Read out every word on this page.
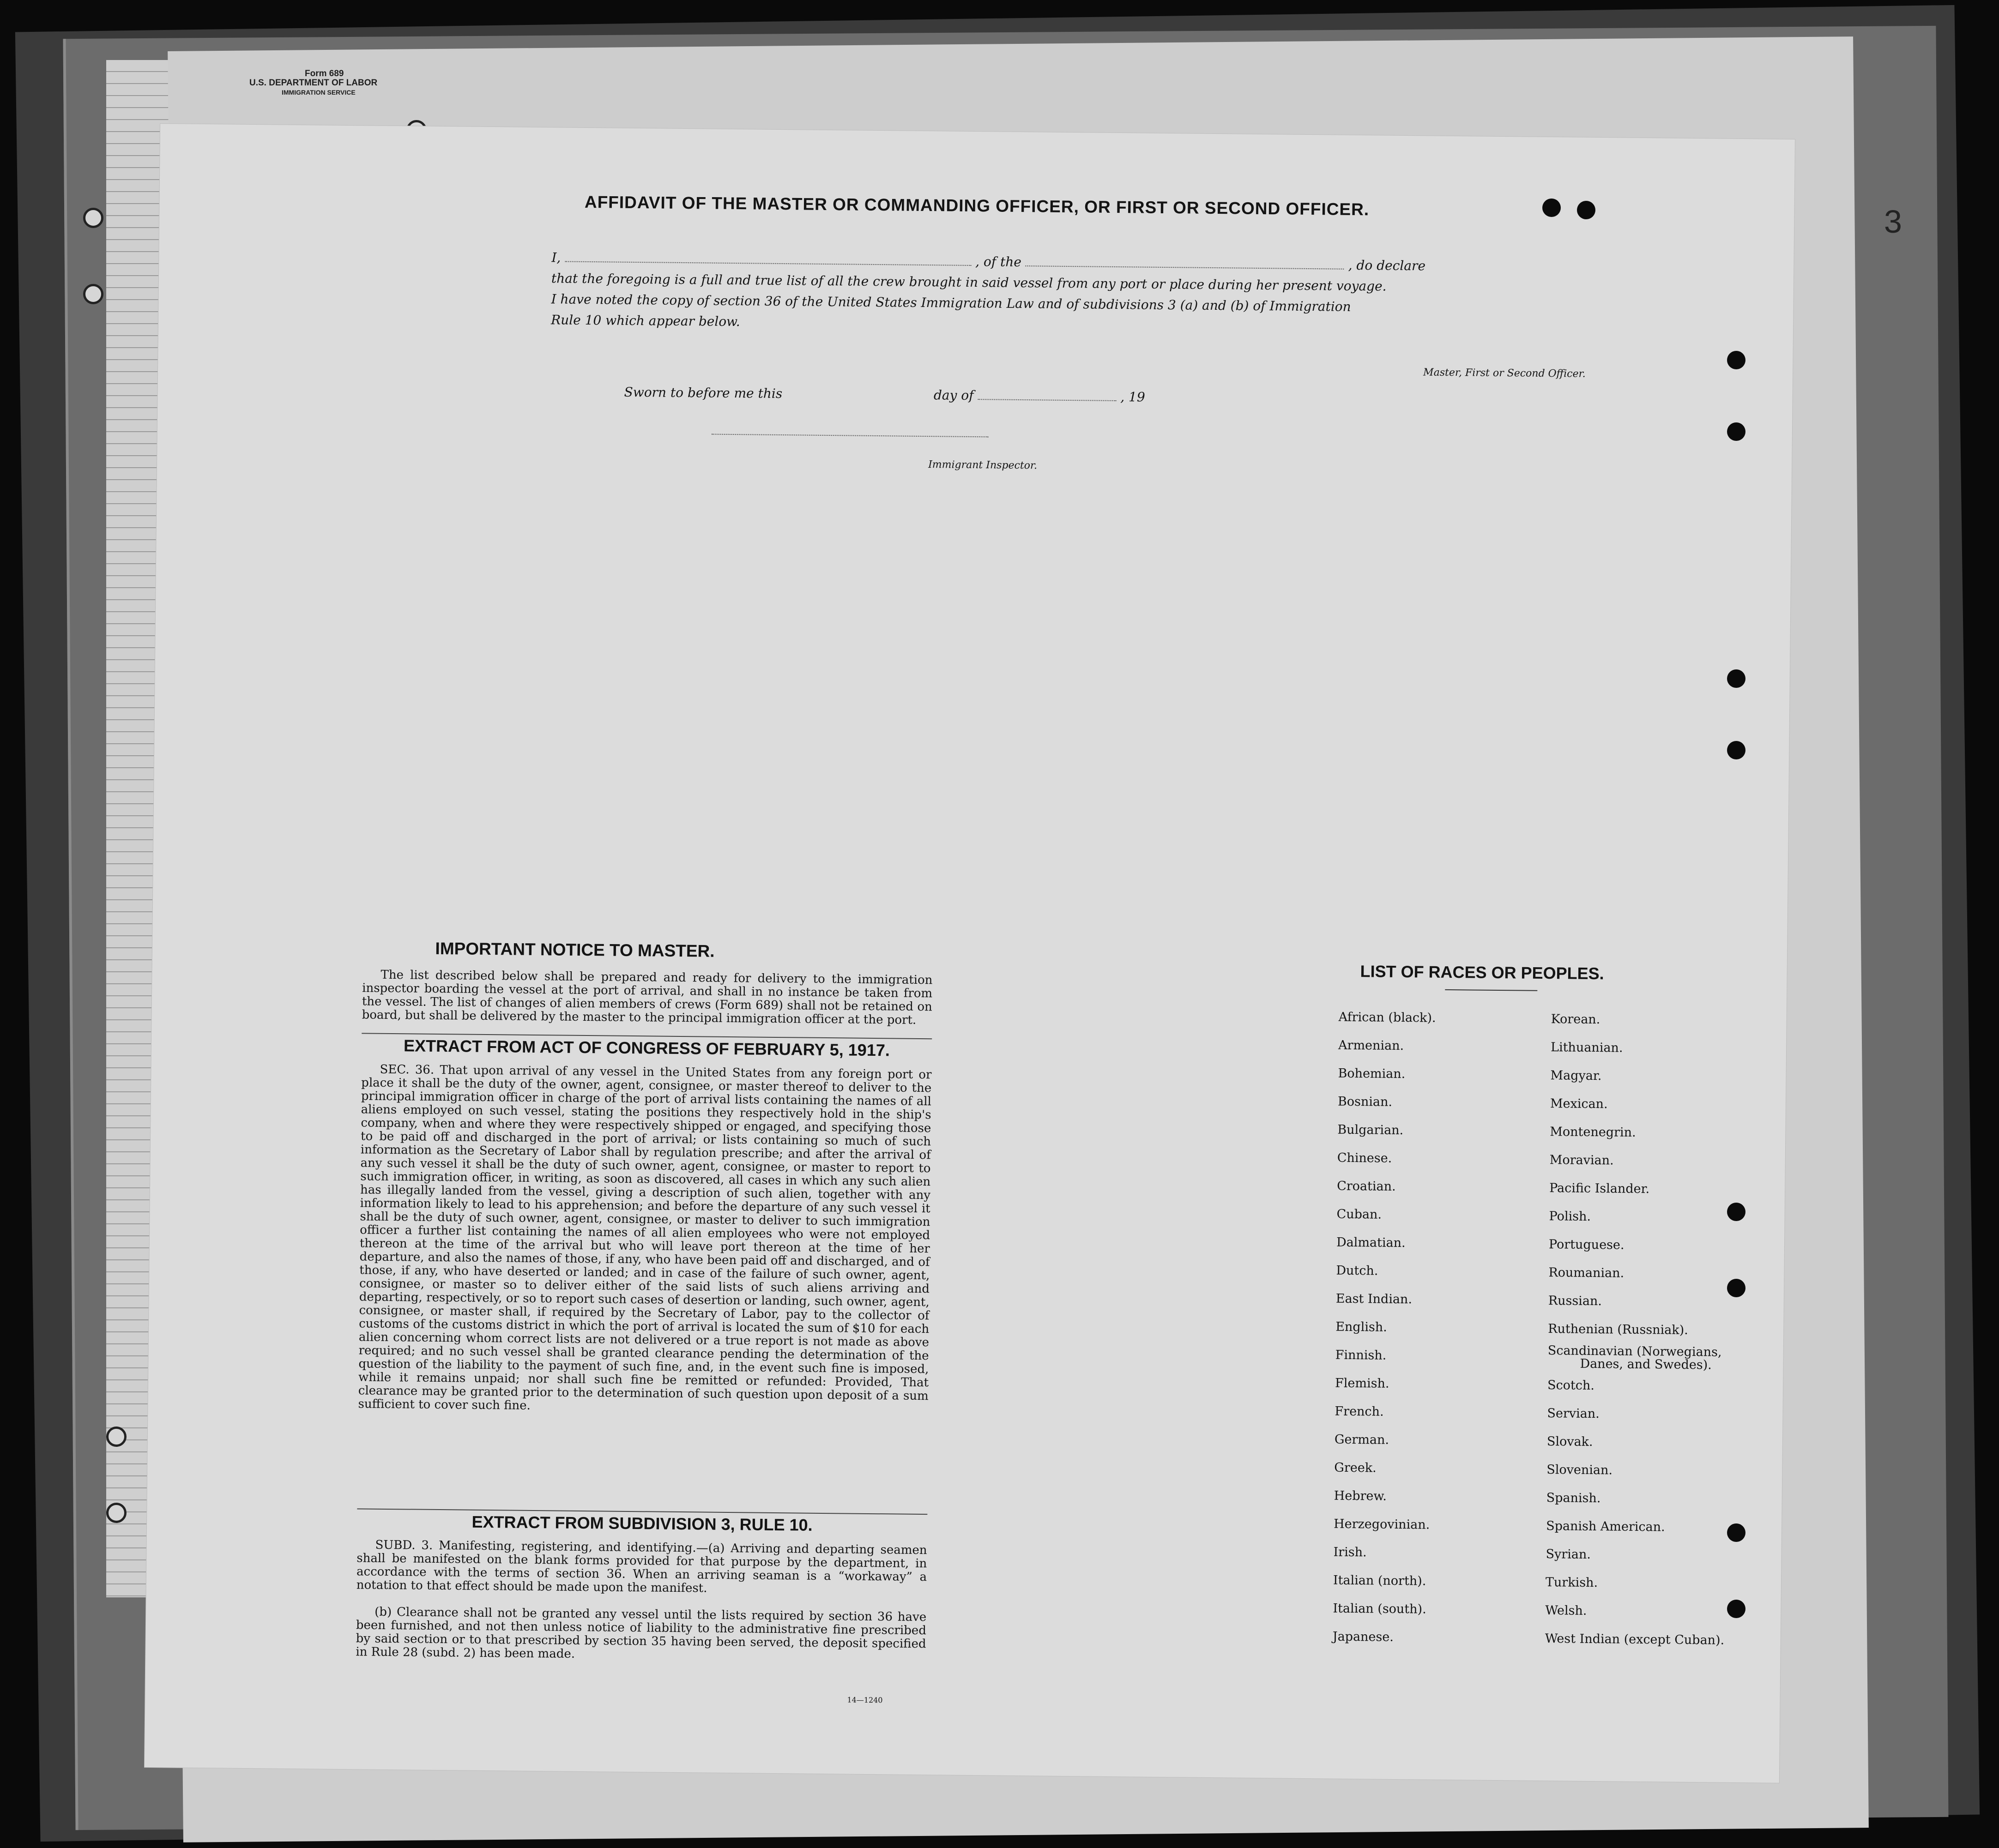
Form 689
U.S. DEPARTMENT OF LABOR
IMMIGRATION SERVICE
3
AFFIDAVIT OF THE MASTER OR COMMANDING OFFICER, OR FIRST OR SECOND OFFICER.
I,	, of the	, do declare
that the foregoing is a full and true list of all the crew brought in said vessel from any port or place during her present voyage.
I have noted the copy of section 36 of the United States Immigration Law and of subdivisions 3 (a) and (b) of Immigration
Rule 10 which appear below.
Master, First or Second Officer.
Sworn to before me this	day of	, 19
Immigrant Inspector.
IMPORTANT NOTICE TO MASTER.
The list described below shall be prepared and ready for delivery to the immigration inspector boarding the vessel at the port of arrival, and shall in no instance be taken from the vessel. The list of changes of alien members of crews (Form 689) shall not be retained on board, but shall be delivered by the master to the principal immigration officer at the port.
EXTRACT FROM ACT OF CONGRESS OF FEBRUARY 5, 1917.
SEC. 36. That upon arrival of any vessel in the United States from any foreign port or place it shall be the duty of the owner, agent, consignee, or master thereof to deliver to the principal immigration officer in charge of the port of arrival lists containing the names of all aliens employed on such vessel, stating the positions they respectively hold in the ship's company, when and where they were respectively shipped or engaged, and specifying those to be paid off and discharged in the port of arrival; or lists containing so much of such information as the Secretary of Labor shall by regulation prescribe; and after the arrival of any such vessel it shall be the duty of such owner, agent, consignee, or master to report to such immigration officer, in writing, as soon as discovered, all cases in which any such alien has illegally landed from the vessel, giving a description of such alien, together with any information likely to lead to his apprehension; and before the departure of any such vessel it shall be the duty of such owner, agent, consignee, or master to deliver to such immigration officer a further list containing the names of all alien employees who were not employed thereon at the time of the arrival but who will leave port thereon at the time of her departure, and also the names of those, if any, who have been paid off and discharged, and of those, if any, who have deserted or landed; and in case of the failure of such owner, agent, consignee, or master so to deliver either of the said lists of such aliens arriving and departing, respectively, or so to report such cases of desertion or landing, such owner, agent, consignee, or master shall, if required by the Secretary of Labor, pay to the collector of customs of the customs district in which the port of arrival is located the sum of $10 for each alien concerning whom correct lists are not delivered or a true report is not made as above required; and no such vessel shall be granted clearance pending the determination of the question of the liability to the payment of such fine, and, in the event such fine is imposed, while it remains unpaid; nor shall such fine be remitted or refunded: Provided, That clearance may be granted prior to the determination of such question upon deposit of a sum sufficient to cover such fine.
EXTRACT FROM SUBDIVISION 3, RULE 10.
SUBD. 3. Manifesting, registering, and identifying.—(a) Arriving and departing seamen shall be manifested on the blank forms provided for that purpose by the department, in accordance with the terms of section 36. When an arriving seaman is a “workaway” a notation to that effect should be made upon the manifest.
(b) Clearance shall not be granted any vessel until the lists required by section 36 have been furnished, and not then unless notice of liability to the administrative fine prescribed by said section or to that prescribed by section 35 having been served, the deposit specified in Rule 28 (subd. 2) has been made.
14—1240
LIST OF RACES OR PEOPLES.
African (black).
Armenian.
Bohemian.
Bosnian.
Bulgarian.
Chinese.
Croatian.
Cuban.
Dalmatian.
Dutch.
East Indian.
English.
Finnish.
Flemish.
French.
German.
Greek.
Hebrew.
Herzegovinian.
Irish.
Italian (north).
Italian (south).
Japanese.
Korean.
Lithuanian.
Magyar.
Mexican.
Montenegrin.
Moravian.
Pacific Islander.
Polish.
Portuguese.
Roumanian.
Russian.
Ruthenian (Russniak).
Scandinavian (Norwegians,
Danes, and Swedes).
Scotch.
Servian.
Slovak.
Slovenian.
Spanish.
Spanish American.
Syrian.
Turkish.
Welsh.
West Indian (except Cuban).
